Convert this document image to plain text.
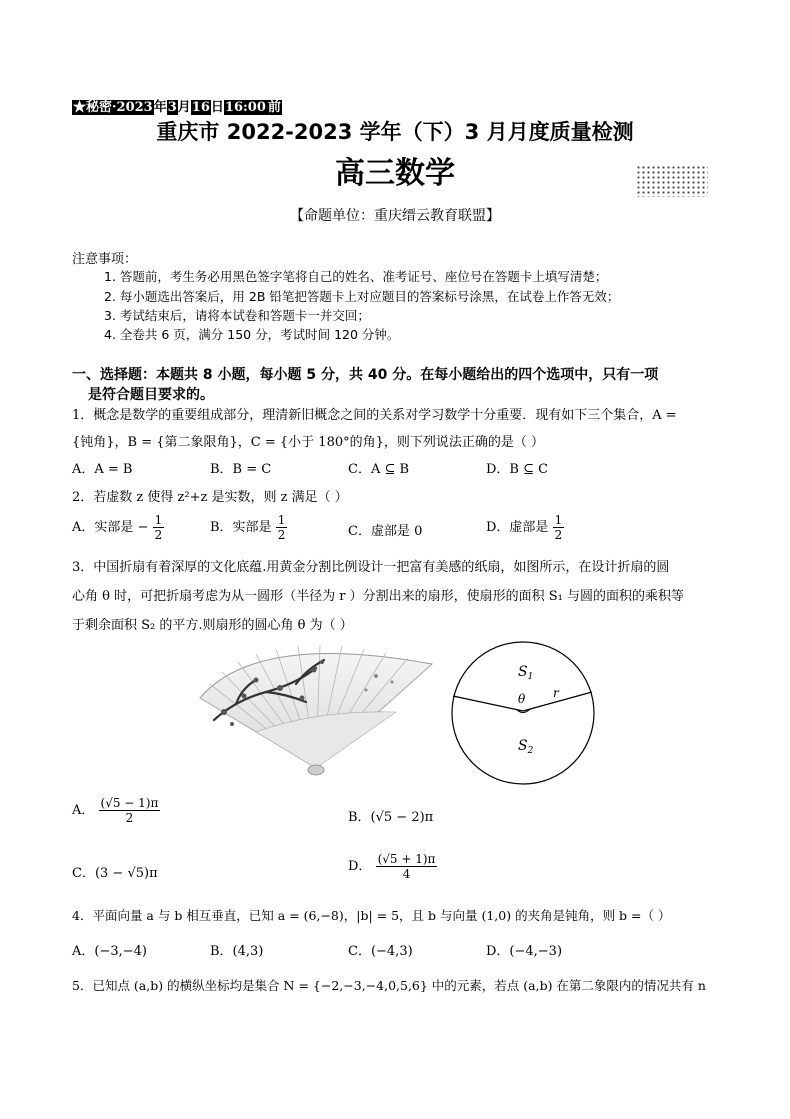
★秘密·2023年3月16日16:00 前
重庆市 2022-2023 学年（下）3 月月度质量检测
高三数学
【命题单位：重庆缙云教育联盟】
注意事项：
1. 答题前，考生务必用黑色签字笔将自己的姓名、准考证号、座位号在答题卡上填写清楚；
2. 每小题选出答案后，用 2B 铅笔把答题卡上对应题目的答案标号涂黑，在试卷上作答无效；
3. 考试结束后，请将本试卷和答题卡一并交回；
4. 全卷共 6 页，满分 150 分，考试时间 120 分钟。
一、选择题：本题共 8 小题，每小题 5 分，共 40 分。在每小题给出的四个选项中，只有一项
是符合题目要求的。
1．概念是数学的重要组成部分，理清新旧概念之间的关系对学习数学十分重要．现有如下三个集合，A =
{钝角}，B = {第二象限角}，C = {小于 180°的角}，则下列说法正确的是（ ）
A．A = B	B．B = C	C．A ⊆ B	D．B ⊆ C
2．若虚数 z 使得 z²+z 是实数，则 z 满足（ ）
A．实部是 − $\frac{1}{2}$	B．实部是 $\frac{1}{2}$	C．虚部是 0	D．虚部是 $\frac{1}{2}$
3．中国折扇有着深厚的文化底蕴.用黄金分割比例设计一把富有美感的纸扇，如图所示，在设计折扇的圆
心角 θ 时，可把折扇考虑为从一圆形（半径为 r ）分割出来的扇形，使扇形的面积 S₁ 与圆的面积的乘积等
于剩余面积 S₂ 的平方.则扇形的圆心角 θ 为（ ）
$S_1$
θ r
$S_2$
A． $\frac{(√5 - 1)\pi}{2}$	B．(√5 − 2)π
C．(3 − √5)π	D． $\frac{(√5 + 1)\pi}{4}$
4．平面向量 a 与 b 相互垂直，已知 a = (6,−8)，|b| = 5，且 b 与向量 (1,0) 的夹角是钝角，则 b =（ ）
A．(−3,−4)	B．(4,3)	C．(−4,3)	D．(−4,−3)
5．已知点 (a,b) 的横纵坐标均是集合 N = {−2,−3,−4,0,5,6} 中的元素，若点 (a,b) 在第二象限内的情况共有 n
